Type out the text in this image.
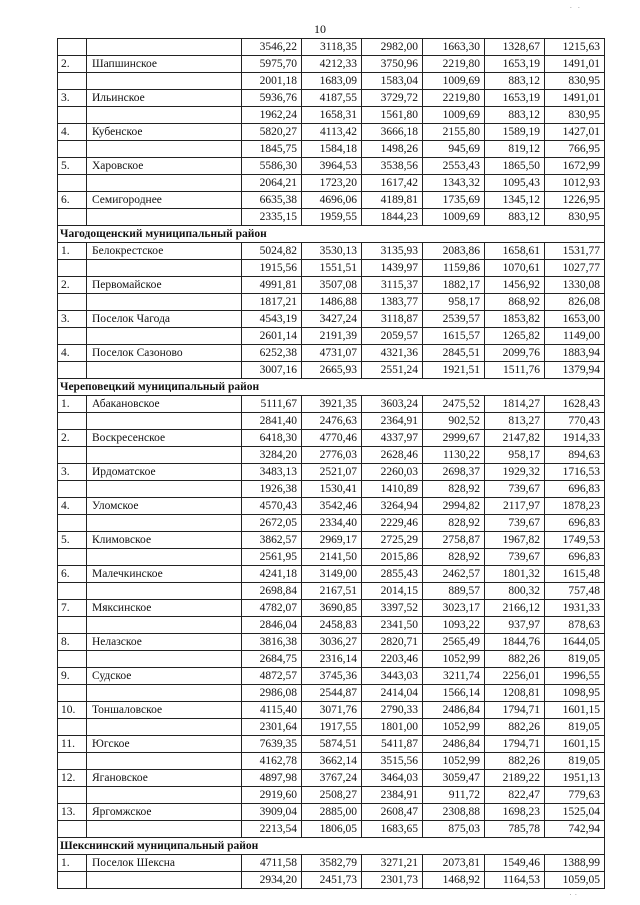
‧ ‧
10
		3546,22	3118,35	2982,00	1663,30	1328,67	1215,63
2.	Шапшинское	5975,70	4212,33	3750,96	2219,80	1653,19	1491,01
		2001,18	1683,09	1583,04	1009,69	883,12	830,95
3.	Ильинское	5936,76	4187,55	3729,72	2219,80	1653,19	1491,01
		1962,24	1658,31	1561,80	1009,69	883,12	830,95
4.	Кубенское	5820,27	4113,42	3666,18	2155,80	1589,19	1427,01
		1845,75	1584,18	1498,26	945,69	819,12	766,95
5.	Харовское	5586,30	3964,53	3538,56	2553,43	1865,50	1672,99
		2064,21	1723,20	1617,42	1343,32	1095,43	1012,93
6.	Семигороднее	6635,38	4696,06	4189,81	1735,69	1345,12	1226,95
		2335,15	1959,55	1844,23	1009,69	883,12	830,95
Чагодощенский муниципальный район							
1.	Белокрестское	5024,82	3530,13	3135,93	2083,86	1658,61	1531,77
		1915,56	1551,51	1439,97	1159,86	1070,61	1027,77
2.	Первомайское	4991,81	3507,08	3115,37	1882,17	1456,92	1330,08
		1817,21	1486,88	1383,77	958,17	868,92	826,08
3.	Поселок Чагода	4543,19	3427,24	3118,87	2539,57	1853,82	1653,00
		2601,14	2191,39	2059,57	1615,57	1265,82	1149,00
4.	Поселок Сазоново	6252,38	4731,07	4321,36	2845,51	2099,76	1883,94
		3007,16	2665,93	2551,24	1921,51	1511,76	1379,94
Череповецкий муниципальный район							
1.	Абакановское	5111,67	3921,35	3603,24	2475,52	1814,27	1628,43
		2841,40	2476,63	2364,91	902,52	813,27	770,43
2.	Воскресенское	6418,30	4770,46	4337,97	2999,67	2147,82	1914,33
		3284,20	2776,03	2628,46	1130,22	958,17	894,63
3.	Ирдоматское	3483,13	2521,07	2260,03	2698,37	1929,32	1716,53
		1926,38	1530,41	1410,89	828,92	739,67	696,83
4.	Уломское	4570,43	3542,46	3264,94	2994,82	2117,97	1878,23
		2672,05	2334,40	2229,46	828,92	739,67	696,83
5.	Климовское	3862,57	2969,17	2725,29	2758,87	1967,82	1749,53
		2561,95	2141,50	2015,86	828,92	739,67	696,83
6.	Малечкинское	4241,18	3149,00	2855,43	2462,57	1801,32	1615,48
		2698,84	2167,51	2014,15	889,57	800,32	757,48
7.	Мяксинское	4782,07	3690,85	3397,52	3023,17	2166,12	1931,33
		2846,04	2458,83	2341,50	1093,22	937,97	878,63
8.	Нелазское	3816,38	3036,27	2820,71	2565,49	1844,76	1644,05
		2684,75	2316,14	2203,46	1052,99	882,26	819,05
9.	Судское	4872,57	3745,36	3443,03	3211,74	2256,01	1996,55
		2986,08	2544,87	2414,04	1566,14	1208,81	1098,95
10.	Тоншаловское	4115,40	3071,76	2790,33	2486,84	1794,71	1601,15
		2301,64	1917,55	1801,00	1052,99	882,26	819,05
11.	Югское	7639,35	5874,51	5411,87	2486,84	1794,71	1601,15
		4162,78	3662,14	3515,56	1052,99	882,26	819,05
12.	Ягановское	4897,98	3767,24	3464,03	3059,47	2189,22	1951,13
		2919,60	2508,27	2384,91	911,72	822,47	779,63
13.	Яргомжское	3909,04	2885,00	2608,47	2308,88	1698,23	1525,04
		2213,54	1806,05	1683,65	875,03	785,78	742,94
Шекснинский муниципальный район							
1.	Поселок Шексна	4711,58	3582,79	3271,21	2073,81	1549,46	1388,99
		2934,20	2451,73	2301,73	1468,92	1164,53	1059,05
‧‧
